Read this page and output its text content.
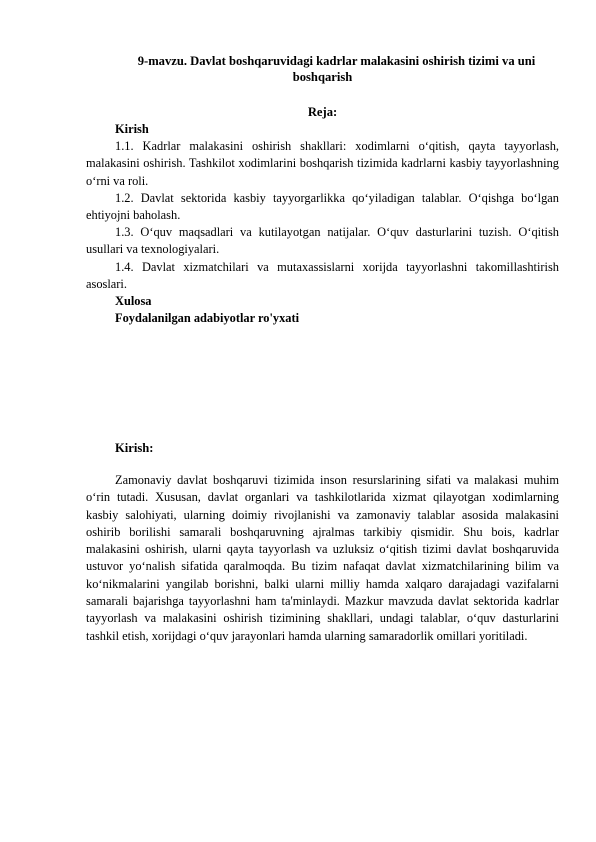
9-mavzu. Davlat boshqaruvidagi kadrlar malakasini oshirish tizimi va uni boshqarish
Reja:

Kirish

1.1. Kadrlar malakasini oshirish shakllari: xodimlarni o‘qitish, qayta tayyorlash, malakasini oshirish. Tashkilot xodimlarini boshqarish tizimida kadrlarni kasbiy tayyorlashning o‘rni va roli.

1.2. Davlat sektorida kasbiy tayyorgarlikka qo‘yiladigan talablar. O‘qishga bo‘lgan ehtiyojni baholash.

1.3. O‘quv maqsadlari va kutilayotgan natijalar. O‘quv dasturlarini tuzish. O‘qitish usullari va texnologiyalari.

1.4. Davlat xizmatchilari va mutaxassislarni xorijda tayyorlashni takomillashtirish asoslari.

Xulosa

Foydalanilgan adabiyotlar ro'yxati

Kirish:

Zamonaviy davlat boshqaruvi tizimida inson resurslarining sifati va malakasi muhim o‘rin tutadi. Xususan, davlat organlari va tashkilotlarida xizmat qilayotgan xodimlarning kasbiy salohiyati, ularning doimiy rivojlanishi va zamonaviy talablar asosida malakasini oshirib borilishi samarali boshqaruvning ajralmas tarkibiy qismidir. Shu bois, kadrlar malakasini oshirish, ularni qayta tayyorlash va uzluksiz o‘qitish tizimi davlat boshqaruvida ustuvor yo‘nalish sifatida qaralmoqda. Bu tizim nafaqat davlat xizmatchilarining bilim va ko‘nikmalarini yangilab borishni, balki ularni milliy hamda xalqaro darajadagi vazifalarni samarali bajarishga tayyorlashni ham ta'minlaydi. Mazkur mavzuda davlat sektorida kadrlar tayyorlash va malakasini oshirish tizimining shakllari, undagi talablar, o‘quv dasturlarini tashkil etish, xorijdagi o‘quv jarayonlari hamda ularning samaradorlik omillari yoritiladi.
